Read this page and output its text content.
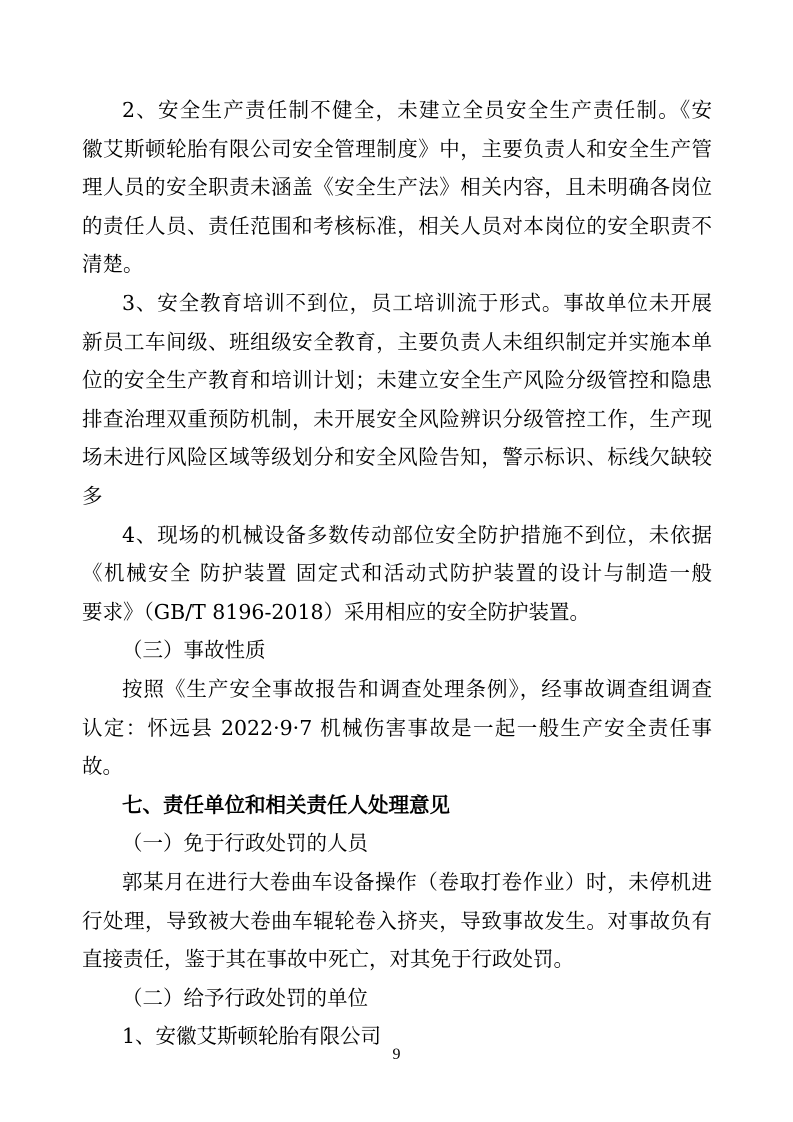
2、安全生产责任制不健全，未建立全员安全生产责任制。《安
徽艾斯顿轮胎有限公司安全管理制度》中，主要负责人和安全生产管
理人员的安全职责未涵盖《安全生产法》相关内容，且未明确各岗位
的责任人员、责任范围和考核标准，相关人员对本岗位的安全职责不
清楚。
3、安全教育培训不到位，员工培训流于形式。事故单位未开展
新员工车间级、班组级安全教育，主要负责人未组织制定并实施本单
位的安全生产教育和培训计划；未建立安全生产风险分级管控和隐患
排查治理双重预防机制，未开展安全风险辨识分级管控工作，生产现
场未进行风险区域等级划分和安全风险告知，警示标识、标线欠缺较
多
4、现场的机械设备多数传动部位安全防护措施不到位，未依据
《机械安全 防护装置 固定式和活动式防护装置的设计与制造一般
要求》（GB/T 8196-2018）采用相应的安全防护装置。
（三）事故性质
按照《生产安全事故报告和调查处理条例》，经事故调查组调查
认定：怀远县 2022·9·7 机械伤害事故是一起一般生产安全责任事
故。
七、责任单位和相关责任人处理意见
（一）免于行政处罚的人员
郭某月在进行大卷曲车设备操作（卷取打卷作业）时，未停机进
行处理，导致被大卷曲车辊轮卷入挤夹，导致事故发生。对事故负有
直接责任，鉴于其在事故中死亡，对其免于行政处罚。
（二）给予行政处罚的单位
1、安徽艾斯顿轮胎有限公司
9
